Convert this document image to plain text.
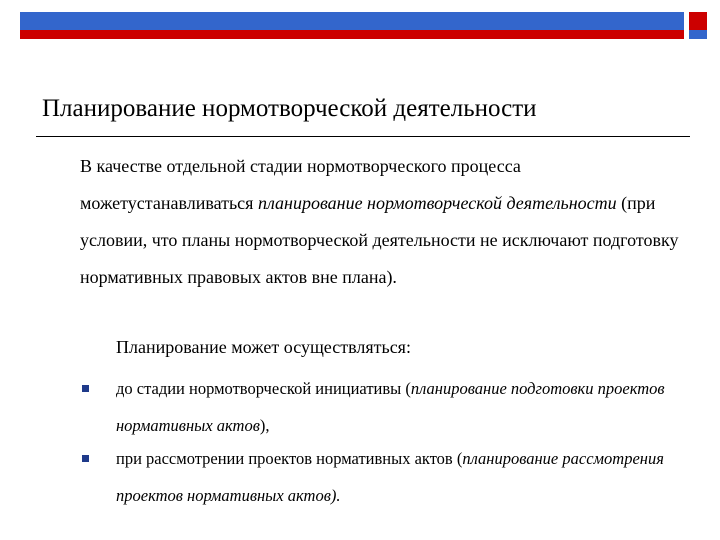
Планирование нормотворческой деятельности
В качестве отдельной стадии нормотворческого процесса
можетустанавливаться планирование нормотворческой деятельности (при условии, что планы нормотворческой деятельности не исключают подготовку нормативных правовых актов вне плана).
Планирование может осуществляться:
до стадии нормотворческой инициативы (планирование подготовки проектов нормативных актов),
при рассмотрении проектов нормативных актов (планирование рассмотрения проектов нормативных актов).
